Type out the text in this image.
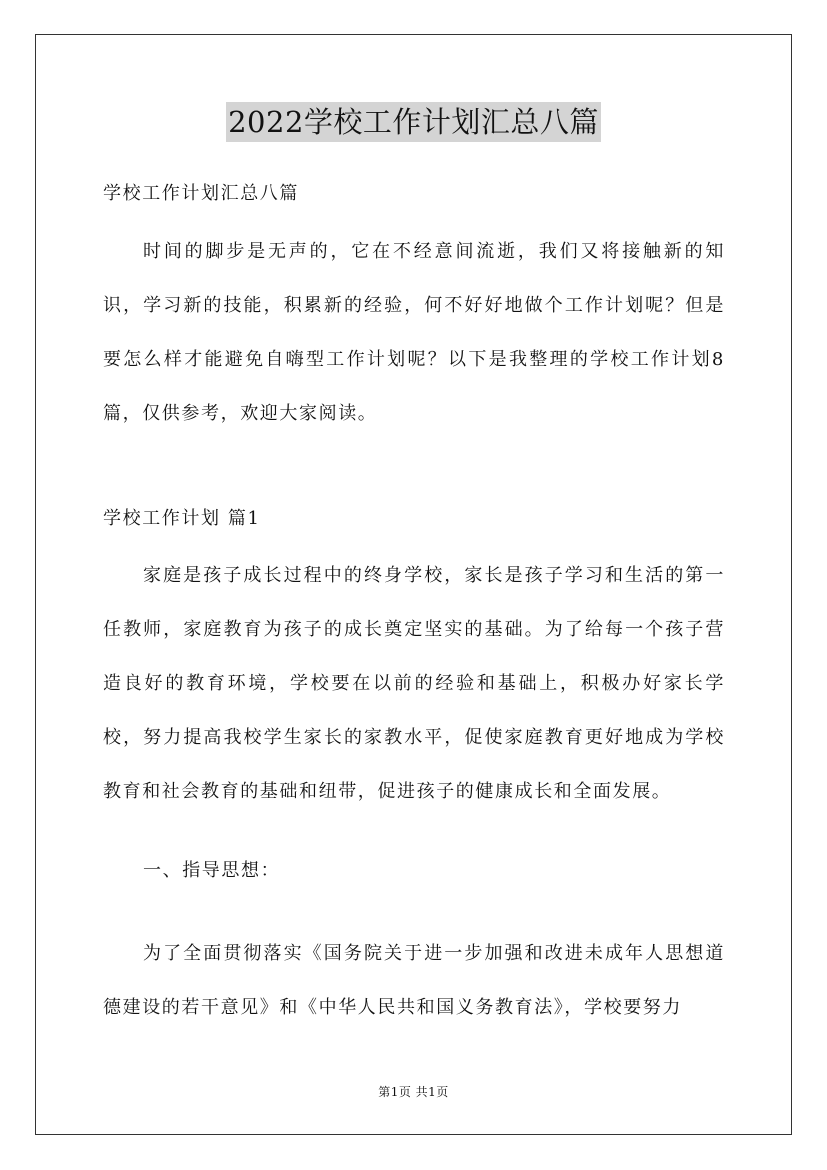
2022学校工作计划汇总八篇

学校工作计划汇总八篇

时间的脚步是无声的，它在不经意间流逝，我们又将接触新的知识，学习新的技能，积累新的经验，何不好好地做个工作计划呢？但是要怎么样才能避免自嗨型工作计划呢？以下是我整理的学校工作计划8篇，仅供参考，欢迎大家阅读。

学校工作计划 篇1

家庭是孩子成长过程中的终身学校，家长是孩子学习和生活的第一任教师，家庭教育为孩子的成长奠定坚实的基础。为了给每一个孩子营造良好的教育环境，学校要在以前的经验和基础上，积极办好家长学校，努力提高我校学生家长的家教水平，促使家庭教育更好地成为学校教育和社会教育的基础和纽带，促进孩子的健康成长和全面发展。

一、指导思想：

为了全面贯彻落实《国务院关于进一步加强和改进未成年人思想道德建设的若干意见》和《中华人民共和国义务教育法》，学校要努力

第1页 共1页
